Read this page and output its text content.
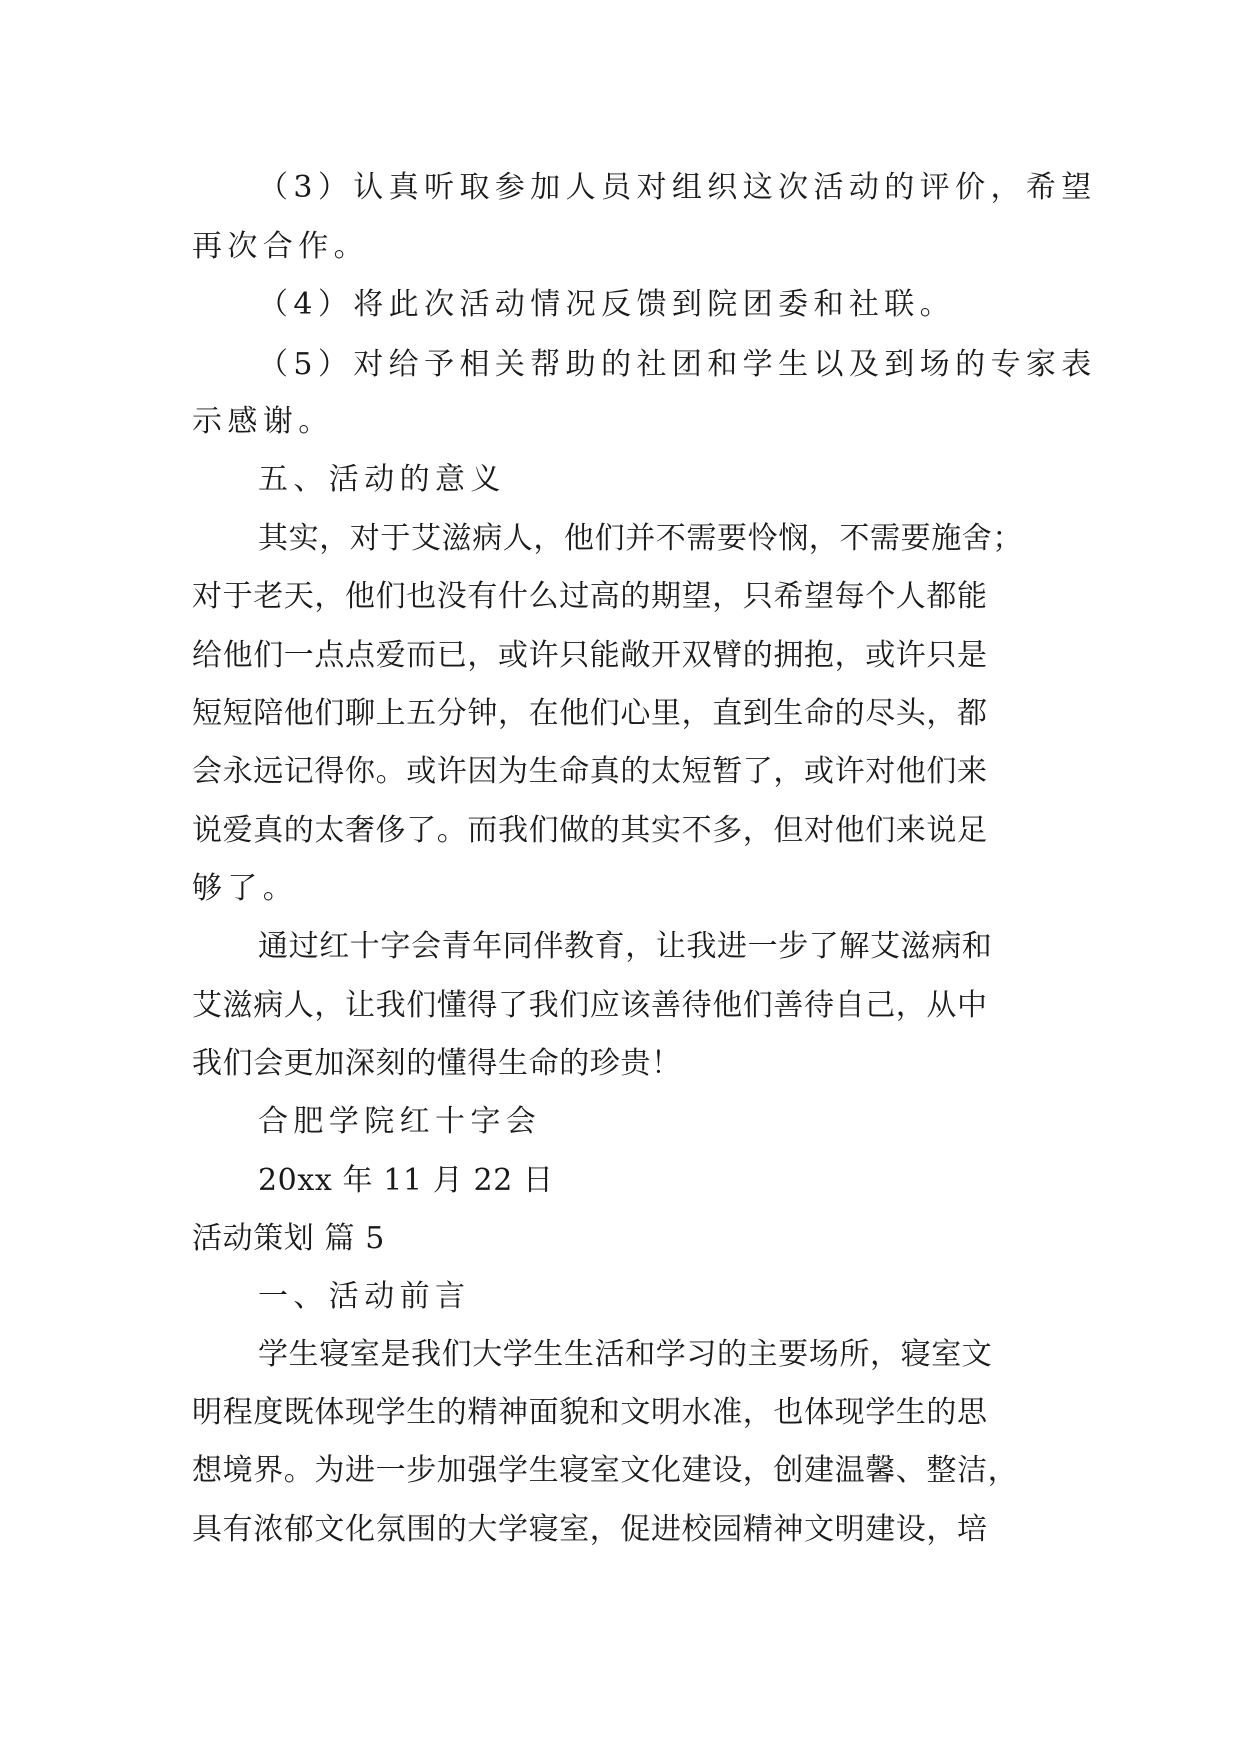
（3）认真听取参加人员对组织这次活动的评价，希望

再次合作。

（4）将此次活动情况反馈到院团委和社联。

（5）对给予相关帮助的社团和学生以及到场的专家表

示感谢。

五、活动的意义

其实，对于艾滋病人，他们并不需要怜悯，不需要施舍；

对于老天，他们也没有什么过高的期望，只希望每个人都能

给他们一点点爱而已，或许只能敞开双臂的拥抱，或许只是

短短陪他们聊上五分钟，在他们心里，直到生命的尽头，都

会永远记得你。或许因为生命真的太短暂了，或许对他们来

说爱真的太奢侈了。而我们做的其实不多，但对他们来说足

够了。

通过红十字会青年同伴教育，让我进一步了解艾滋病和

艾滋病人，让我们懂得了我们应该善待他们善待自己，从中

我们会更加深刻的懂得生命的珍贵！

合肥学院红十字会

20xx 年 11 月 22 日

活动策划 篇 5

一、活动前言

学生寝室是我们大学生生活和学习的主要场所，寝室文

明程度既体现学生的精神面貌和文明水准，也体现学生的思

想境界。为进一步加强学生寝室文化建设，创建温馨、整洁，

具有浓郁文化氛围的大学寝室，促进校园精神文明建设，培
